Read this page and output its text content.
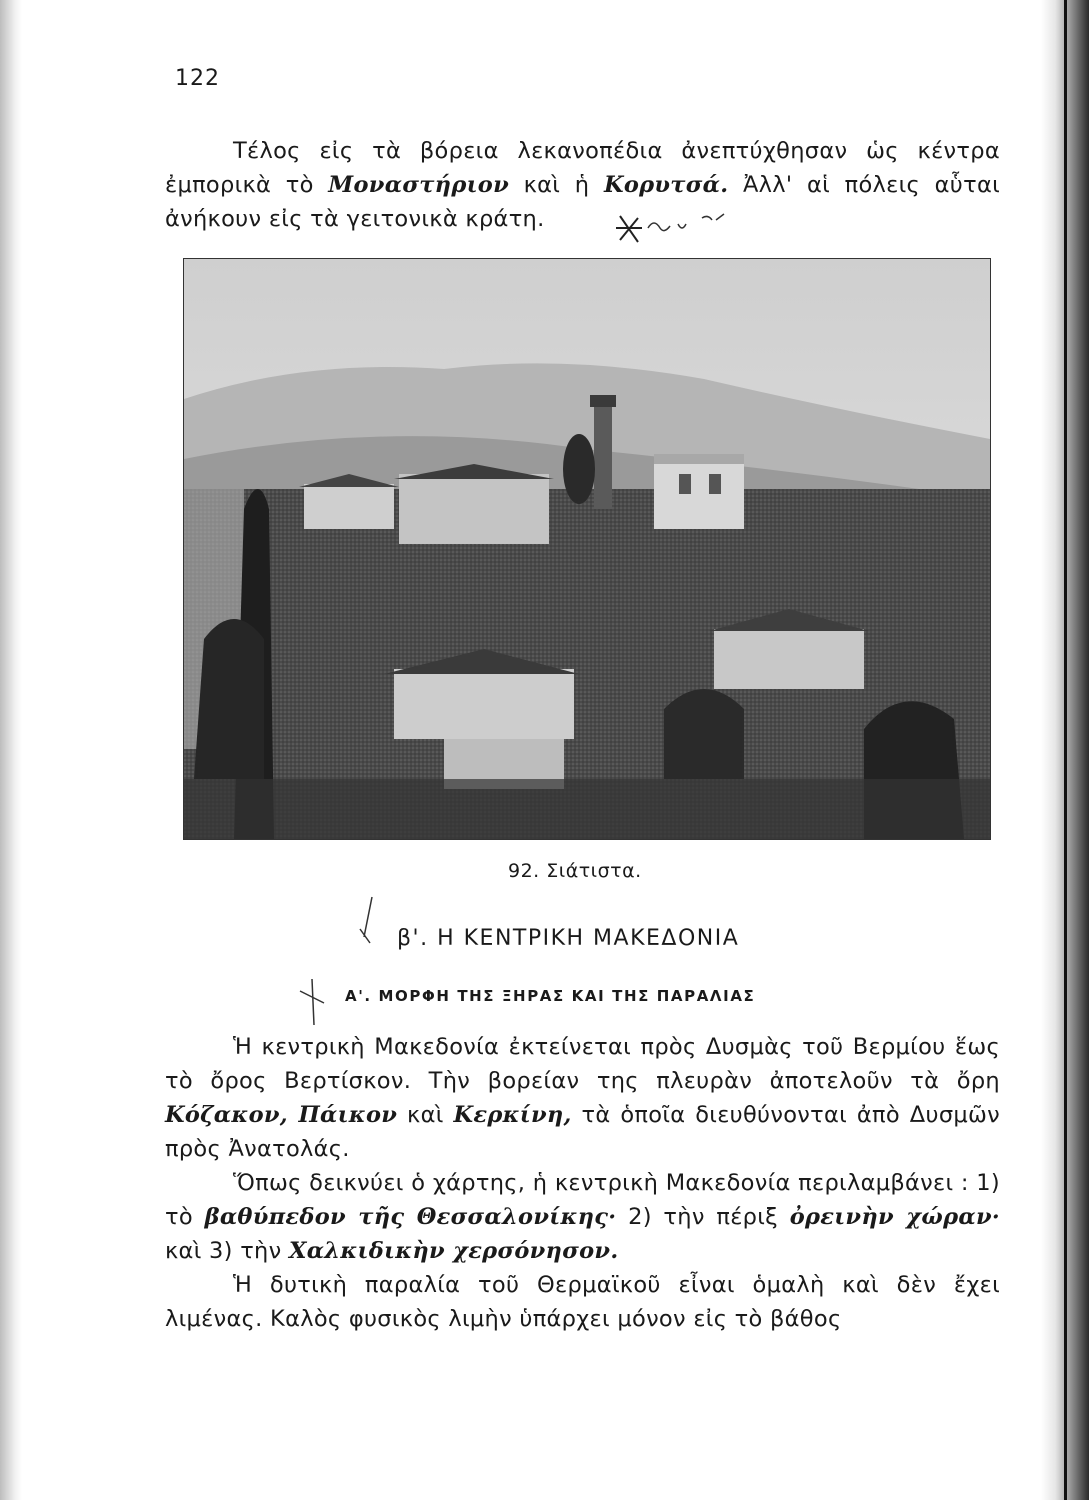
122

Τέλος εἰς τὰ βόρεια λεκανοπέδια ἀνεπτύχθησαν ὡς κέντρα ἐμπορικὰ τὸ Μοναστήριον καὶ ἡ Κορυτσά. Ἀλλ' αἱ πόλεις αὗται ἀνήκουν εἰς τὰ γειτονικὰ κράτη.

92. Σιάτιστα.
β'. Η ΚΕΝΤΡΙΚΗ ΜΑΚΕΔΟΝΙΑ
Α'. ΜΟΡΦΗ ΤΗΣ ΞΗΡΑΣ ΚΑΙ ΤΗΣ ΠΑΡΑΛΙΑΣ

Ἡ κεντρικὴ Μακεδονία ἐκτείνεται πρὸς Δυσμὰς τοῦ Βερμίου ἕως τὸ ὄρος Βερτίσκον. Τὴν βορείαν της πλευρὰν ἀποτελοῦν τὰ ὄρη Κόζακον, Πάικον καὶ Κερκίνη, τὰ ὁποῖα διευθύνονται ἀπὸ Δυσμῶν πρὸς Ἀνατολάς.

Ὅπως δεικνύει ὁ χάρτης, ἡ κεντρικὴ Μακεδονία περιλαμβάνει : 1) τὸ βαθύπεδον τῆς Θεσσαλονίκης· 2) τὴν πέριξ ὀρεινὴν χώραν· καὶ 3) τὴν Χαλκιδικὴν χερσόνησον.

Ἡ δυτικὴ παραλία τοῦ Θερμαϊκοῦ εἶναι ὁμαλὴ καὶ δὲν ἔχει λιμένας. Καλὸς φυσικὸς λιμὴν ὑπάρχει μόνον εἰς τὸ βάθος
